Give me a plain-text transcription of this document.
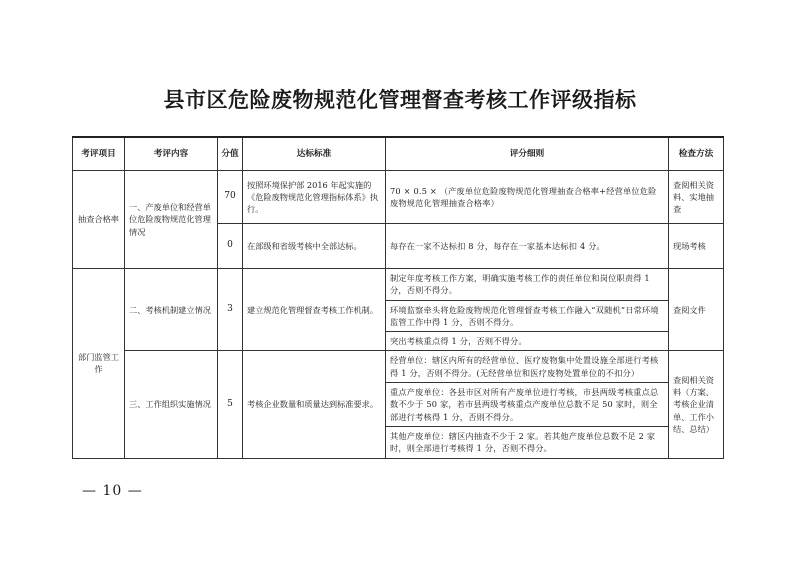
县市区危险废物规范化管理督查考核工作评级指标
考评项目	考评内容	分值	达标标准	评分细则	检查方法
抽查合格率	一、产废单位和经营单位危险废物规范化管理情况	70	按照环境保护部 2016 年起实施的《危险废物规范化管理指标体系》执行。	70 × 0.5 × （产废单位危险废物规范化管理抽查合格率+经营单位危险废物规范化管理抽查合格率）	查阅相关资料、实地抽查
		0	在部级和省级考核中全部达标。	每存在一家不达标扣 8 分，每存在一家基本达标扣 4 分。	现场考核
部门监管工作	二、考核机制建立情况	3	建立规范化管理督查考核工作机制。	制定年度考核工作方案，明确实施考核工作的责任单位和岗位职责得 1 分，否则不得分。	查阅文件
				环境监察牵头将危险废物规范化管理督查考核工作融入“双随机”日常环境监管工作中得 1 分，否则不得分。	
				突出考核重点得 1 分，否则不得分。	
	三、工作组织实施情况	5	考核企业数量和质量达到标准要求。	经营单位：辖区内所有的经营单位、医疗废物集中处置设施全部进行考核得 1 分，否则不得分。(无经营单位和医疗废物处置单位的不扣分）	查阅相关资料（方案、考核企业清单、工作小结、总结）
				重点产废单位：各县市区对所有产废单位进行考核，市县两级考核重点总数不少于 50 家，若市县两级考核重点产废单位总数不足 50 家时，则全部进行考核得 1 分，否则不得分。	
				其他产废单位：辖区内抽查不少于 2 家。若其他产废单位总数不足 2 家时，则全部进行考核得 1 分，否则不得分。	
— 10 —
